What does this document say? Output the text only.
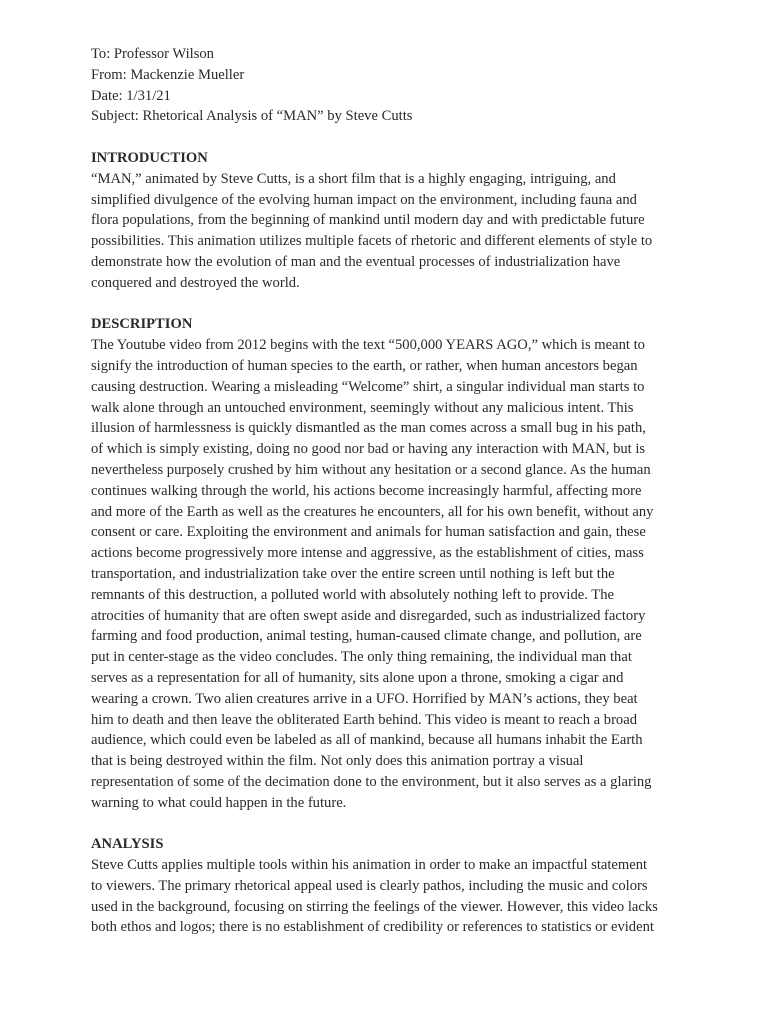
To: Professor Wilson

From: Mackenzie Mueller

Date: 1/31/21

Subject: Rhetorical Analysis of “MAN” by Steve Cutts

INTRODUCTION

“MAN,” animated by Steve Cutts, is a short film that is a highly engaging, intriguing, and

simplified divulgence of the evolving human impact on the environment, including fauna and

flora populations, from the beginning of mankind until modern day and with predictable future

possibilities. This animation utilizes multiple facets of rhetoric and different elements of style to

demonstrate how the evolution of man and the eventual processes of industrialization have

conquered and destroyed the world.

DESCRIPTION

The Youtube video from 2012 begins with the text “500,000 YEARS AGO,” which is meant to

signify the introduction of human species to the earth, or rather, when human ancestors began

causing destruction. Wearing a misleading “Welcome” shirt, a singular individual man starts to

walk alone through an untouched environment, seemingly without any malicious intent. This

illusion of harmlessness is quickly dismantled as the man comes across a small bug in his path,

of which is simply existing, doing no good nor bad or having any interaction with MAN, but is

nevertheless purposely crushed by him without any hesitation or a second glance. As the human

continues walking through the world, his actions become increasingly harmful, affecting more

and more of the Earth as well as the creatures he encounters, all for his own benefit, without any

consent or care. Exploiting the environment and animals for human satisfaction and gain, these

actions become progressively more intense and aggressive, as the establishment of cities, mass

transportation, and industrialization take over the entire screen until nothing is left but the

remnants of this destruction, a polluted world with absolutely nothing left to provide. The

atrocities of humanity that are often swept aside and disregarded, such as industrialized factory

farming and food production, animal testing, human-caused climate change, and pollution, are

put in center-stage as the video concludes. The only thing remaining, the individual man that

serves as a representation for all of humanity, sits alone upon a throne, smoking a cigar and

wearing a crown. Two alien creatures arrive in a UFO. Horrified by MAN’s actions, they beat

him to death and then leave the obliterated Earth behind. This video is meant to reach a broad

audience, which could even be labeled as all of mankind, because all humans inhabit the Earth

that is being destroyed within the film. Not only does this animation portray a visual

representation of some of the decimation done to the environment, but it also serves as a glaring

warning to what could happen in the future.

ANALYSIS

Steve Cutts applies multiple tools within his animation in order to make an impactful statement

to viewers. The primary rhetorical appeal used is clearly pathos, including the music and colors

used in the background, focusing on stirring the feelings of the viewer. However, this video lacks

both ethos and logos; there is no establishment of credibility or references to statistics or evident
